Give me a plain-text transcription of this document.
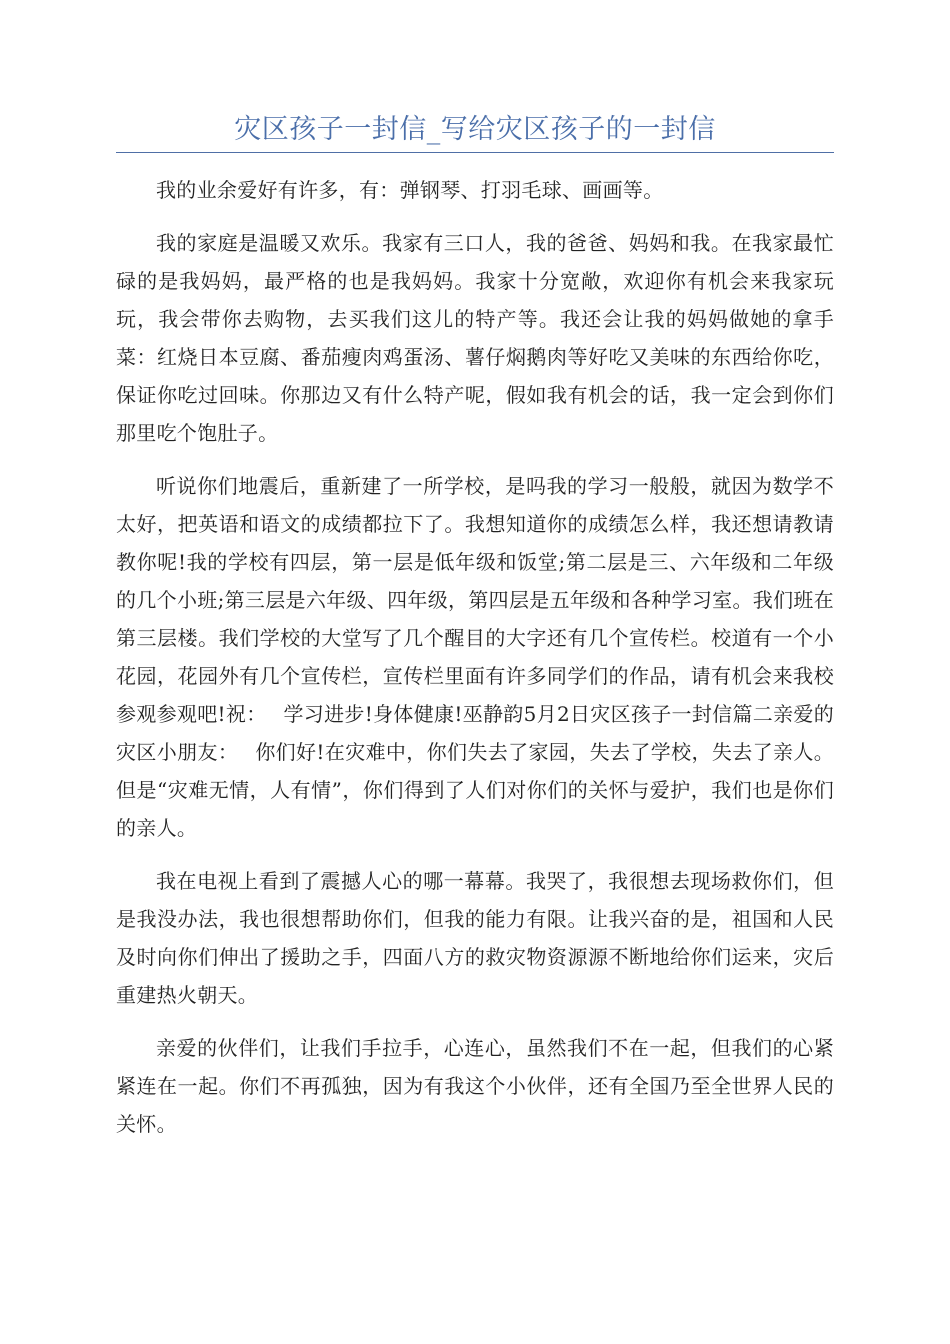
灾区孩子一封信_写给灾区孩子的一封信

我的业余爱好有许多，有：弹钢琴、打羽毛球、画画等。

我的家庭是温暖又欢乐。我家有三口人，我的爸爸、妈妈和我。在我家最忙碌的是我妈妈，最严格的也是我妈妈。我家十分宽敞，欢迎你有机会来我家玩玩，我会带你去购物，去买我们这儿的特产等。我还会让我的妈妈做她的拿手菜：红烧日本豆腐、番茄瘦肉鸡蛋汤、薯仔焖鹅肉等好吃又美味的东西给你吃，保证你吃过回味。你那边又有什么特产呢，假如我有机会的话，我一定会到你们那里吃个饱肚子。

听说你们地震后，重新建了一所学校，是吗我的学习一般般，就因为数学不太好，把英语和语文的成绩都拉下了。我想知道你的成绩怎么样，我还想请教请教你呢!我的学校有四层，第一层是低年级和饭堂;第二层是三、六年级和二年级的几个小班;第三层是六年级、四年级，第四层是五年级和各种学习室。我们班在第三层楼。我们学校的大堂写了几个醒目的大字还有几个宣传栏。校道有一个小花园，花园外有几个宣传栏，宣传栏里面有许多同学们的作品，请有机会来我校参观参观吧!祝：　 学习进步!身体健康!巫静韵5月2日灾区孩子一封信篇二亲爱的灾区小朋友：　 你们好!在灾难中，你们失去了家园，失去了学校，失去了亲人。但是“灾难无情，人有情”，你们得到了人们对你们的关怀与爱护，我们也是你们的亲人。

我在电视上看到了震撼人心的哪一幕幕。我哭了，我很想去现场救你们，但是我没办法，我也很想帮助你们，但我的能力有限。让我兴奋的是，祖国和人民及时向你们伸出了援助之手，四面八方的救灾物资源源不断地给你们运来，灾后重建热火朝天。

亲爱的伙伴们，让我们手拉手，心连心，虽然我们不在一起，但我们的心紧紧连在一起。你们不再孤独，因为有我这个小伙伴，还有全国乃至全世界人民的关怀。
